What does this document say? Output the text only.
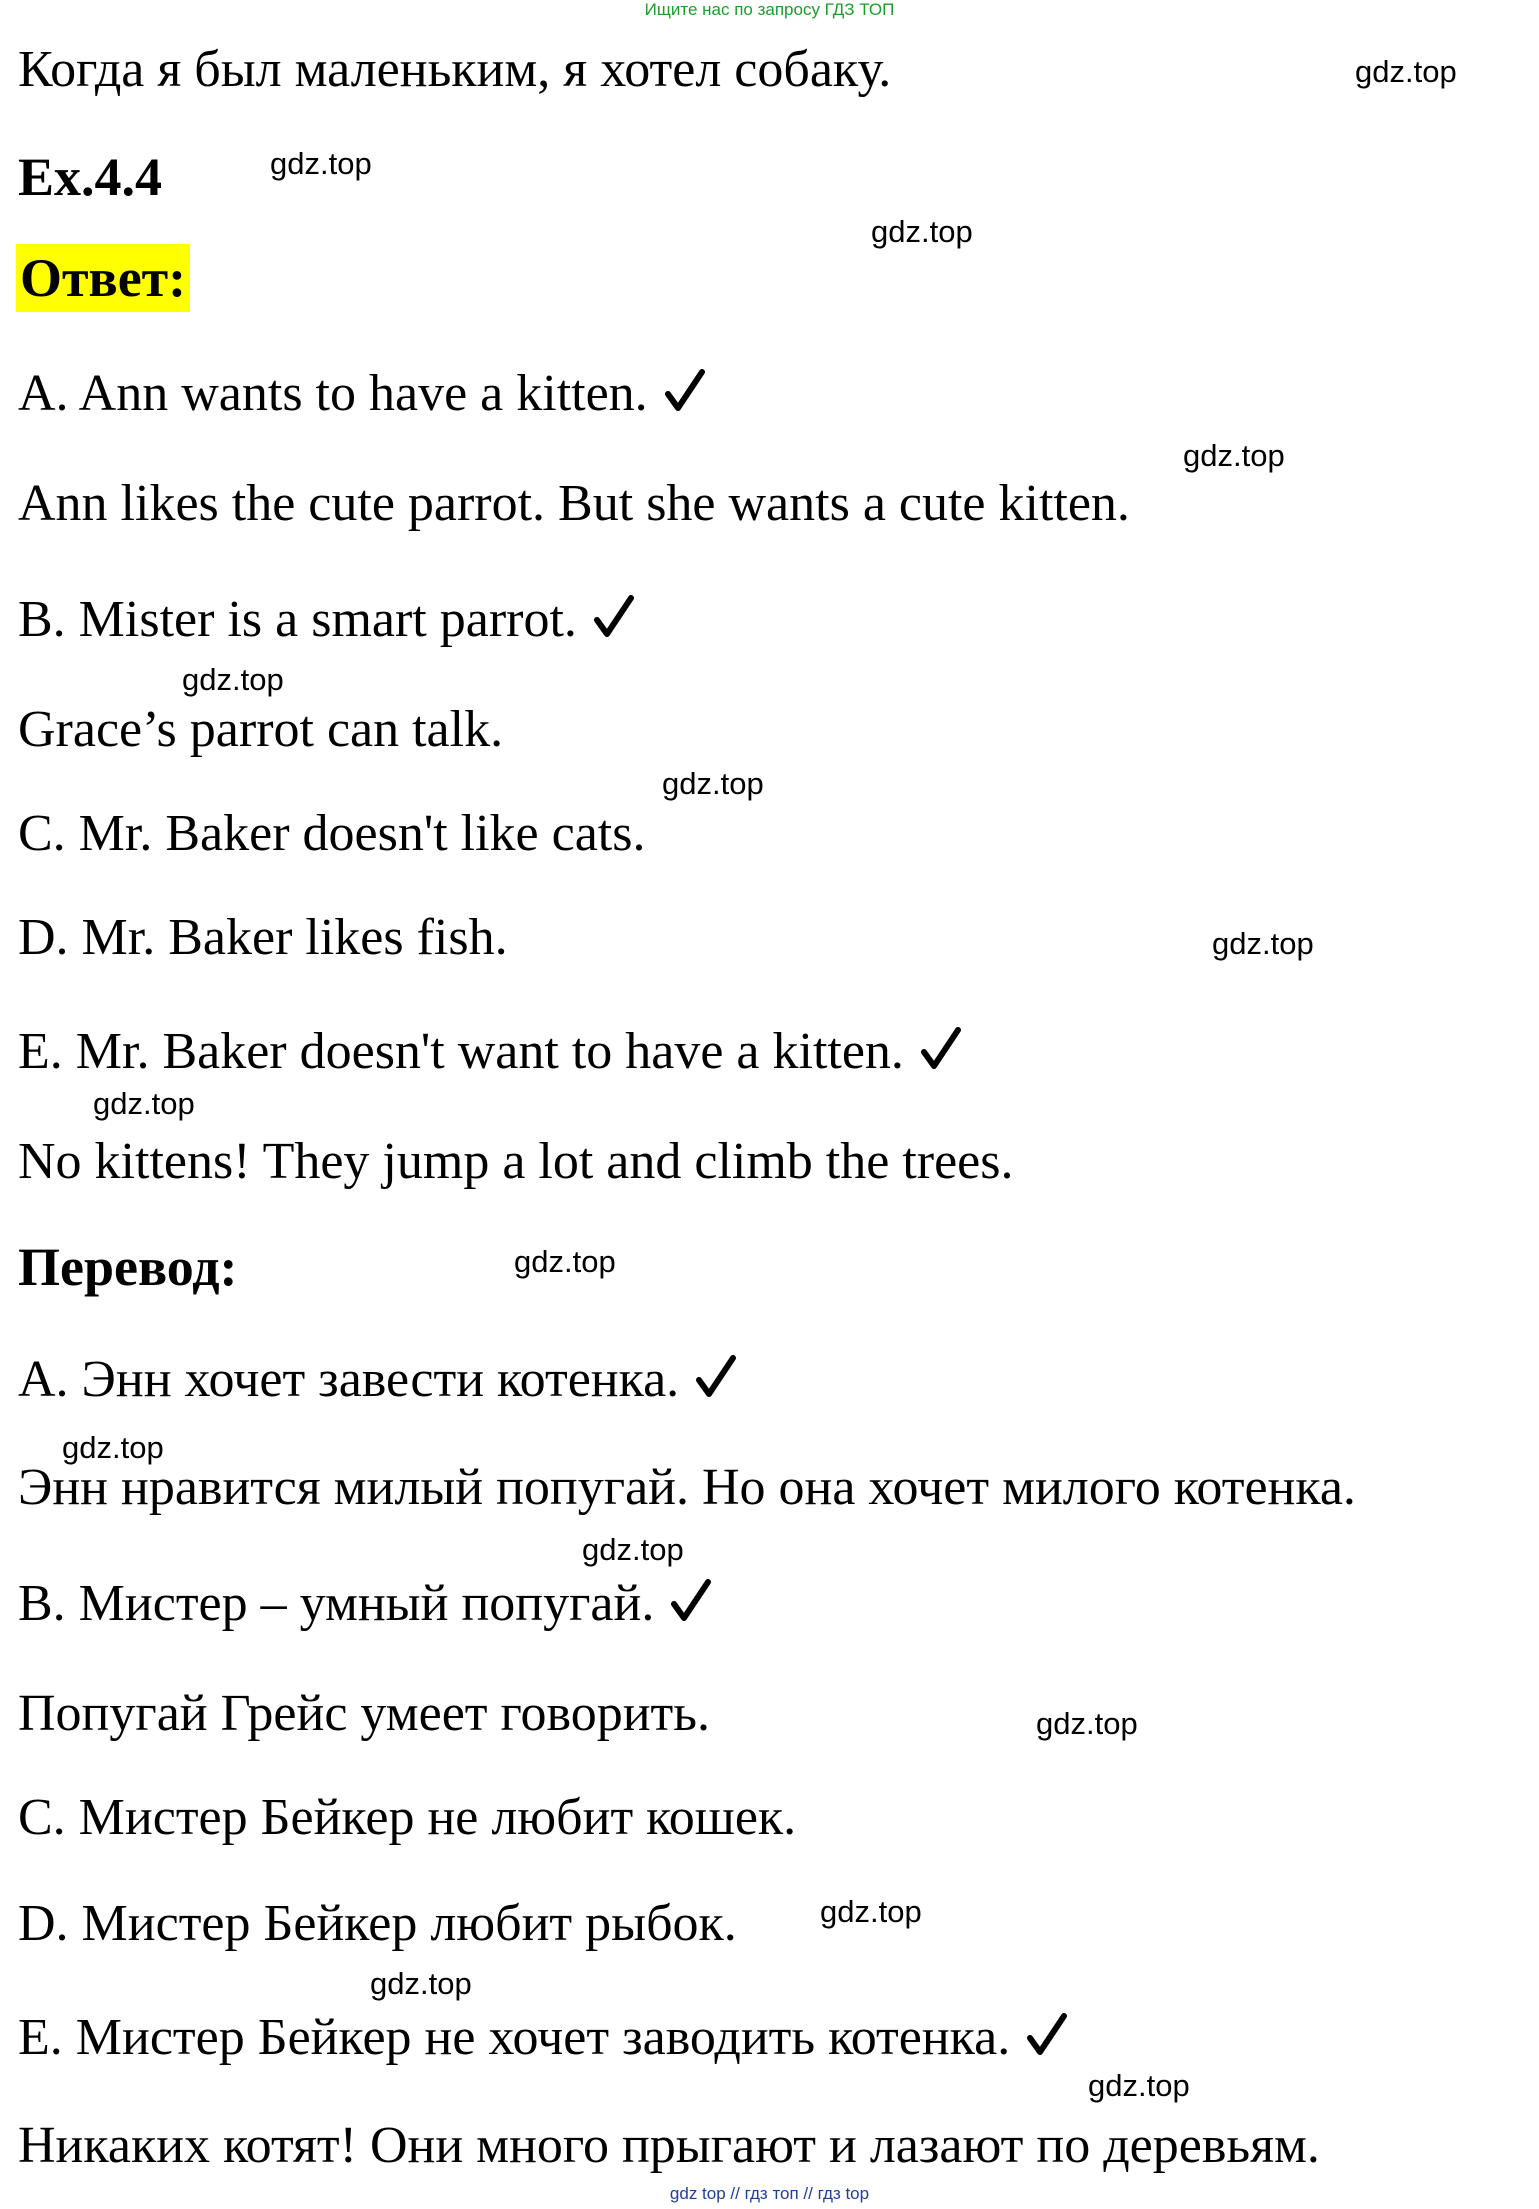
Ищите нас по запросу ГДЗ ТОП
Когда я был маленьким, я хотел собаку.
Ex.4.4
Ответ:
A. Ann wants to have a kitten.
Ann likes the cute parrot. But she wants a cute kitten.
B. Mister is a smart parrot.
Grace’s parrot can talk.
C. Mr. Baker doesn't like cats.
D. Mr. Baker likes fish.
E. Mr. Baker doesn't want to have a kitten.
No kittens! They jump a lot and climb the trees.
Перевод:
A. Энн хочет завести котенка.
Энн нравится милый попугай. Но она хочет милого котенка.
B. Мистер – умный попугай.
Попугай Грейс умеет говорить.
C. Мистер Бейкер не любит кошек.
D. Мистер Бейкер любит рыбок.
E. Мистер Бейкер не хочет заводить котенка.
Никаких котят! Они много прыгают и лазают по деревьям.
gdz.top
gdz.top
gdz.top
gdz.top
gdz.top
gdz.top
gdz.top
gdz.top
gdz.top
gdz.top
gdz.top
gdz.top
gdz.top
gdz.top
gdz.top
gdz top // гдз топ // гдз top
